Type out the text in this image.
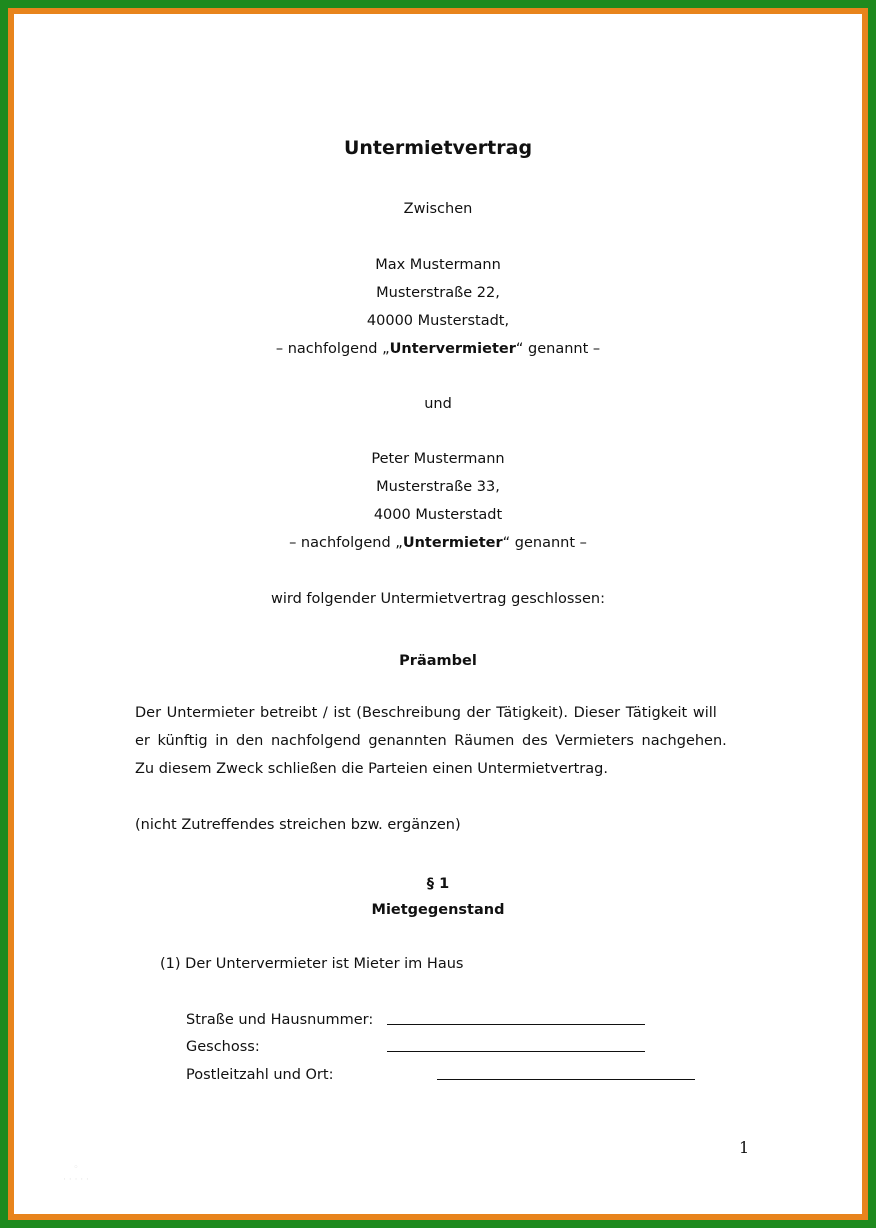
Untermietvertrag
Zwischen
Max Mustermann
Musterstraße 22,
40000 Musterstadt,
– nachfolgend „Untervermieter“ genannt –
und
Peter Mustermann
Musterstraße 33,
4000 Musterstadt
– nachfolgend „Untermieter“ genannt –
wird folgender Untermietvertrag geschlossen:
Präambel
Der Untermieter betreibt / ist (Beschreibung der Tätigkeit). Dieser Tätigkeit will
er künftig in den nachfolgend genannten Räumen des Vermieters nachgehen.
Zu diesem Zweck schließen die Parteien einen Untermietvertrag.
(nicht Zutreffendes streichen bzw. ergänzen)
§ 1
Mietgegenstand
(1) Der Untervermieter ist Mieter im Haus
Straße und Hausnummer:
Geschoss:
Postleitzahl und Ort:
1
◦
· · · · ·
